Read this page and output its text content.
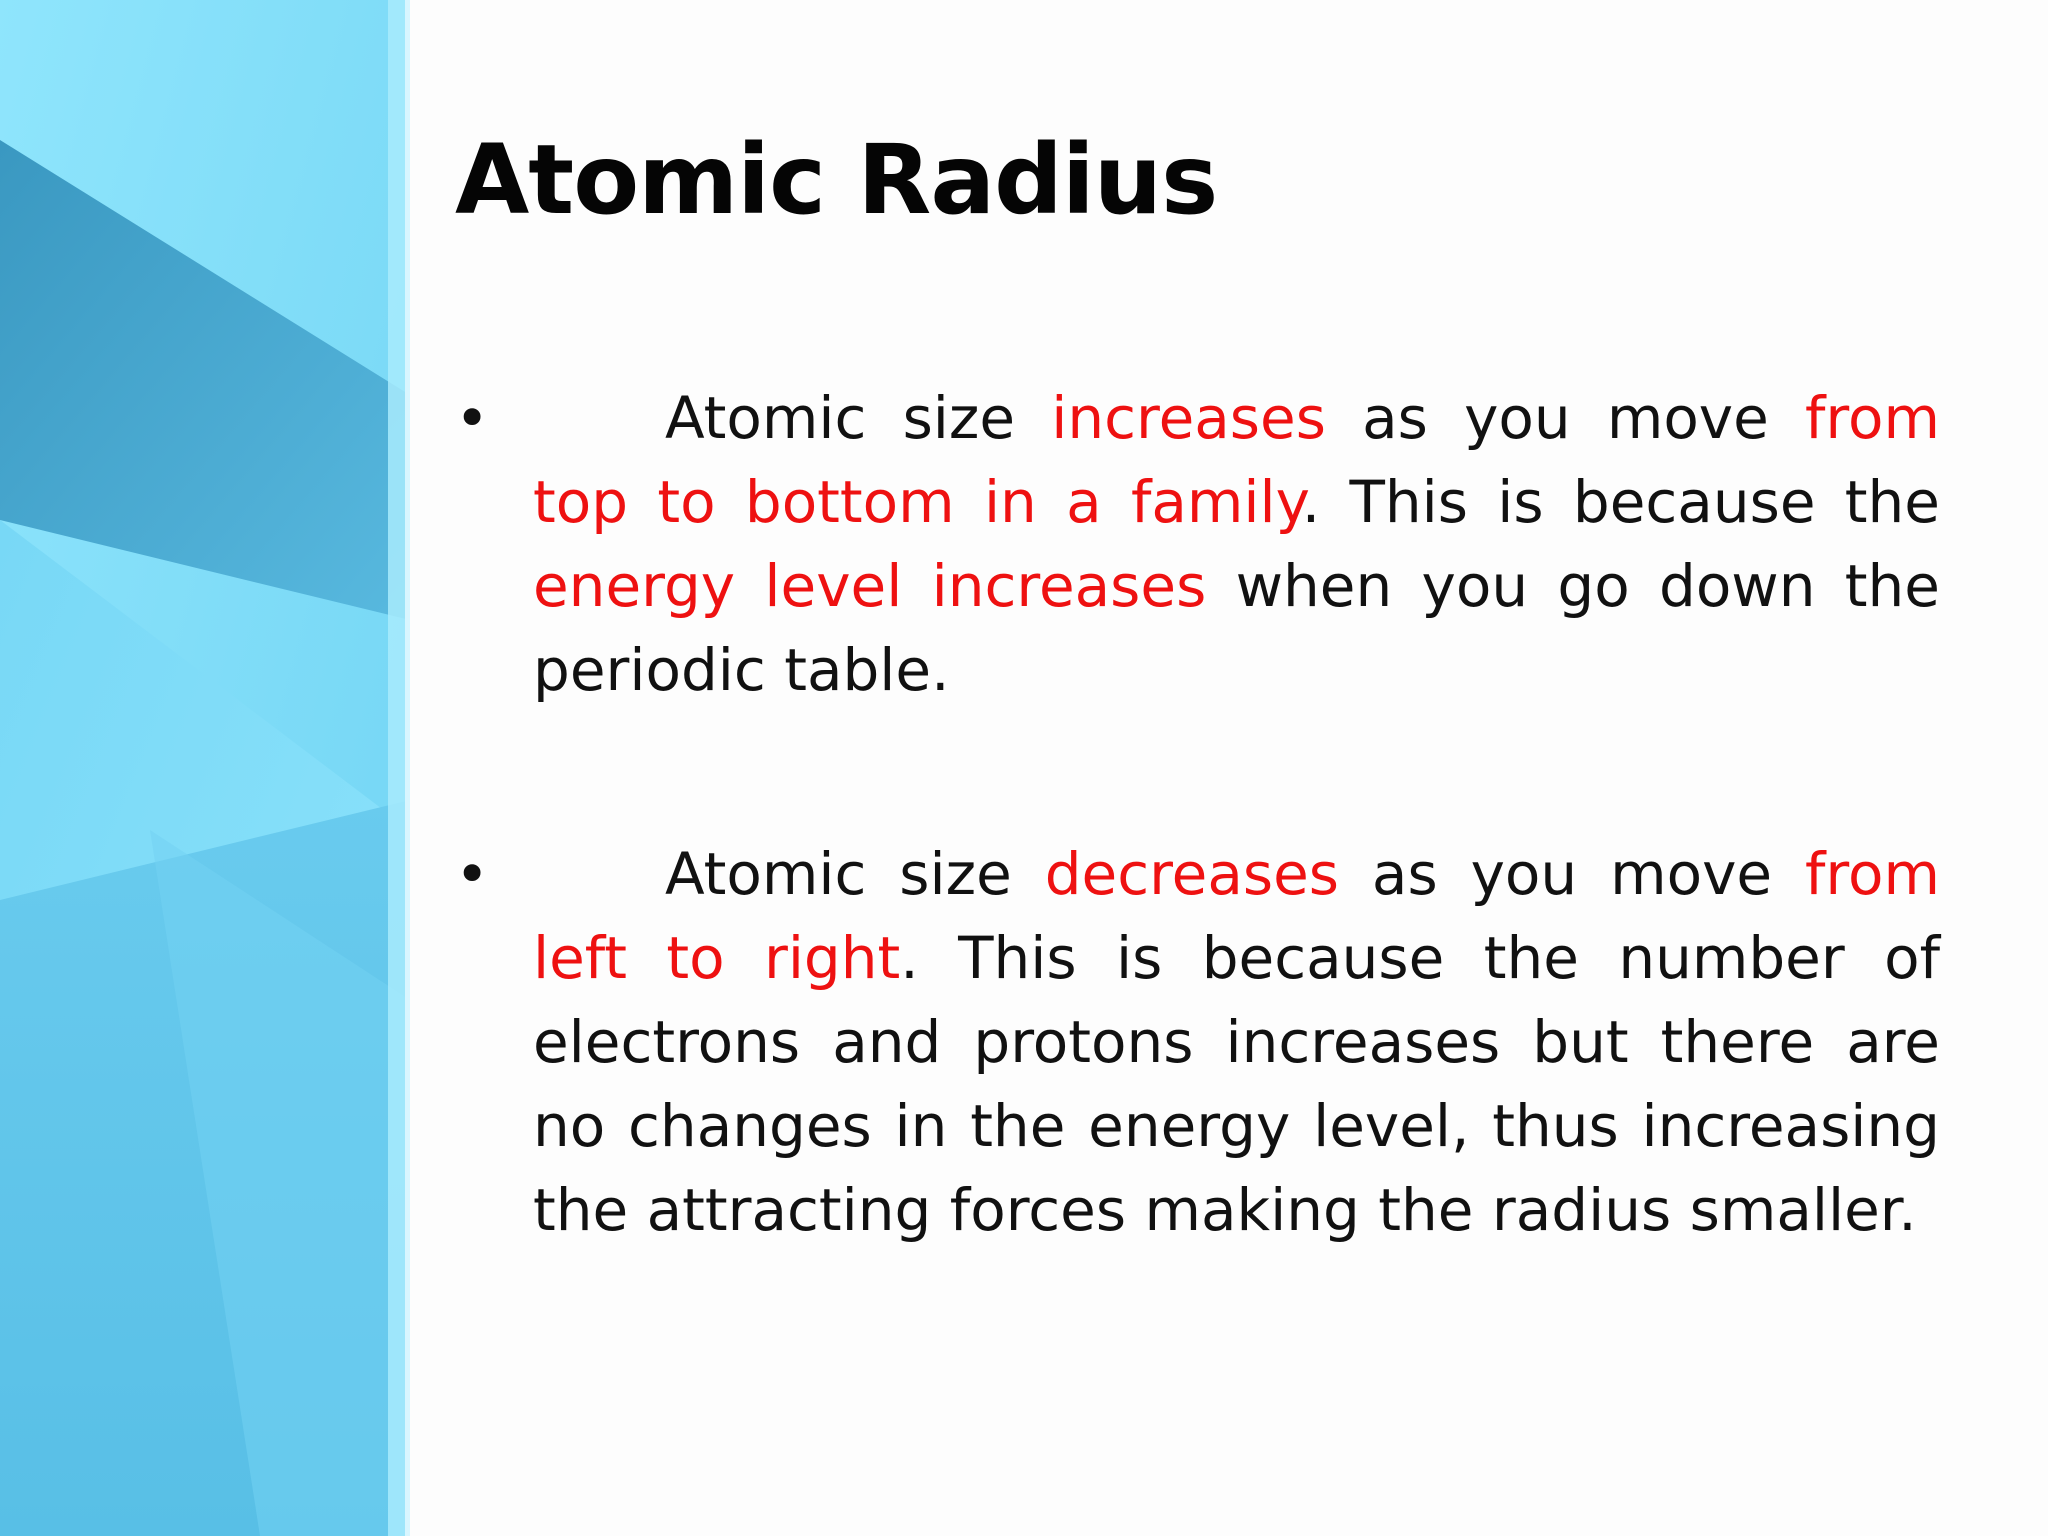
Atomic Radius
•	Atomic size increases as you move from top to bottom in a family. This is because the energy level increases when you go down the periodic table.
•	Atomic size decreases as you move from left to right. This is because the number of electrons and protons increases but there are no changes in the energy level, thus increasing the attracting forces making the radius smaller.
